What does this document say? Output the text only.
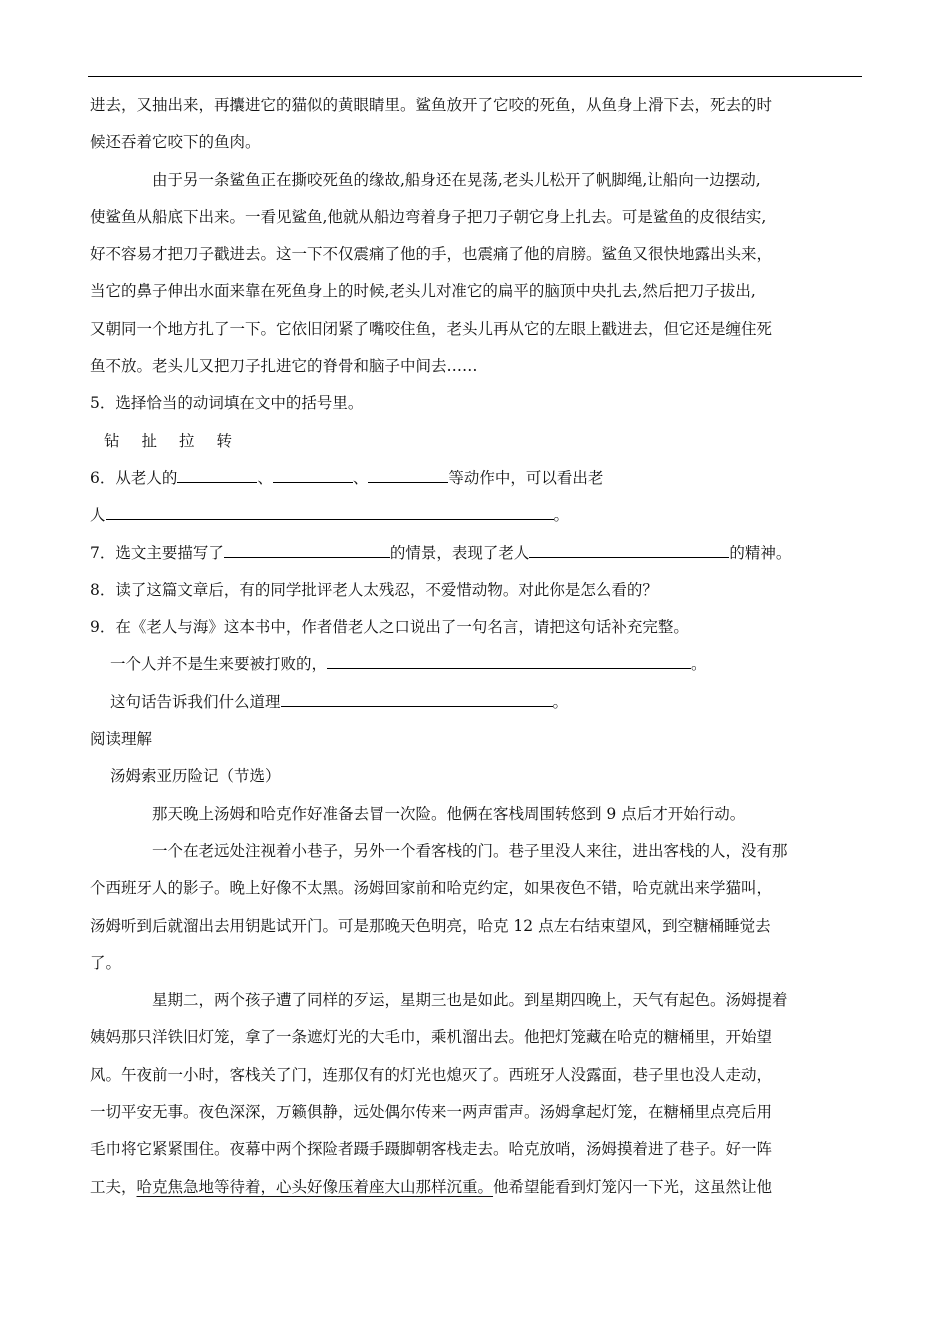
进去，又抽出来，再攮进它的猫似的黄眼睛里。鲨鱼放开了它咬的死鱼，从鱼身上滑下去，死去的时
候还吞着它咬下的鱼肉。
由于另一条鲨鱼正在撕咬死鱼的缘故,船身还在晃荡,老头儿松开了帆脚绳,让船向一边摆动,
使鲨鱼从船底下出来。一看见鲨鱼,他就从船边弯着身子把刀子朝它身上扎去。可是鲨鱼的皮很结实,
好不容易才把刀子戳进去。这一下不仅震痛了他的手，也震痛了他的肩膀。鲨鱼又很快地露出头来，
当它的鼻子伸出水面来靠在死鱼身上的时候,老头儿对准它的扁平的脑顶中央扎去,然后把刀子拔出,
又朝同一个地方扎了一下。它依旧闭紧了嘴咬住鱼，老头儿再从它的左眼上戳进去，但它还是缠住死
鱼不放。老头儿又把刀子扎进它的脊骨和脑子中间去……
5．选择恰当的动词填在文中的括号里。
钻 扯 拉 转
6．从老人的	、	、	等动作中，可以看出老
人	。
7．选文主要描写了	的情景，表现了老人	的精神。
8．读了这篇文章后，有的同学批评老人太残忍，不爱惜动物。对此你是怎么看的？
9．在《老人与海》这本书中，作者借老人之口说出了一句名言，请把这句话补充完整。
一个人并不是生来要被打败的，	。
这句话告诉我们什么道理	。
阅读理解
汤姆索亚历险记（节选）
那天晚上汤姆和哈克作好准备去冒一次险。他俩在客栈周围转悠到 9 点后才开始行动。
一个在老远处注视着小巷子，另外一个看客栈的门。巷子里没人来往，进出客栈的人，没有那
个西班牙人的影子。晚上好像不太黑。汤姆回家前和哈克约定，如果夜色不错，哈克就出来学猫叫，
汤姆听到后就溜出去用钥匙试开门。可是那晚天色明亮，哈克 12 点左右结束望风，到空糖桶睡觉去
了。
星期二，两个孩子遭了同样的歹运，星期三也是如此。到星期四晚上，天气有起色。汤姆提着
姨妈那只洋铁旧灯笼，拿了一条遮灯光的大毛巾，乘机溜出去。他把灯笼藏在哈克的糖桶里，开始望
风。午夜前一小时，客栈关了门，连那仅有的灯光也熄灭了。西班牙人没露面，巷子里也没人走动，
一切平安无事。夜色深深，万籁俱静，远处偶尔传来一两声雷声。汤姆拿起灯笼，在糖桶里点亮后用
毛巾将它紧紧围住。夜幕中两个探险者蹑手蹑脚朝客栈走去。哈克放哨，汤姆摸着进了巷子。好一阵
工夫，哈克焦急地等待着，心头好像压着座大山那样沉重。他希望能看到灯笼闪一下光，这虽然让他
